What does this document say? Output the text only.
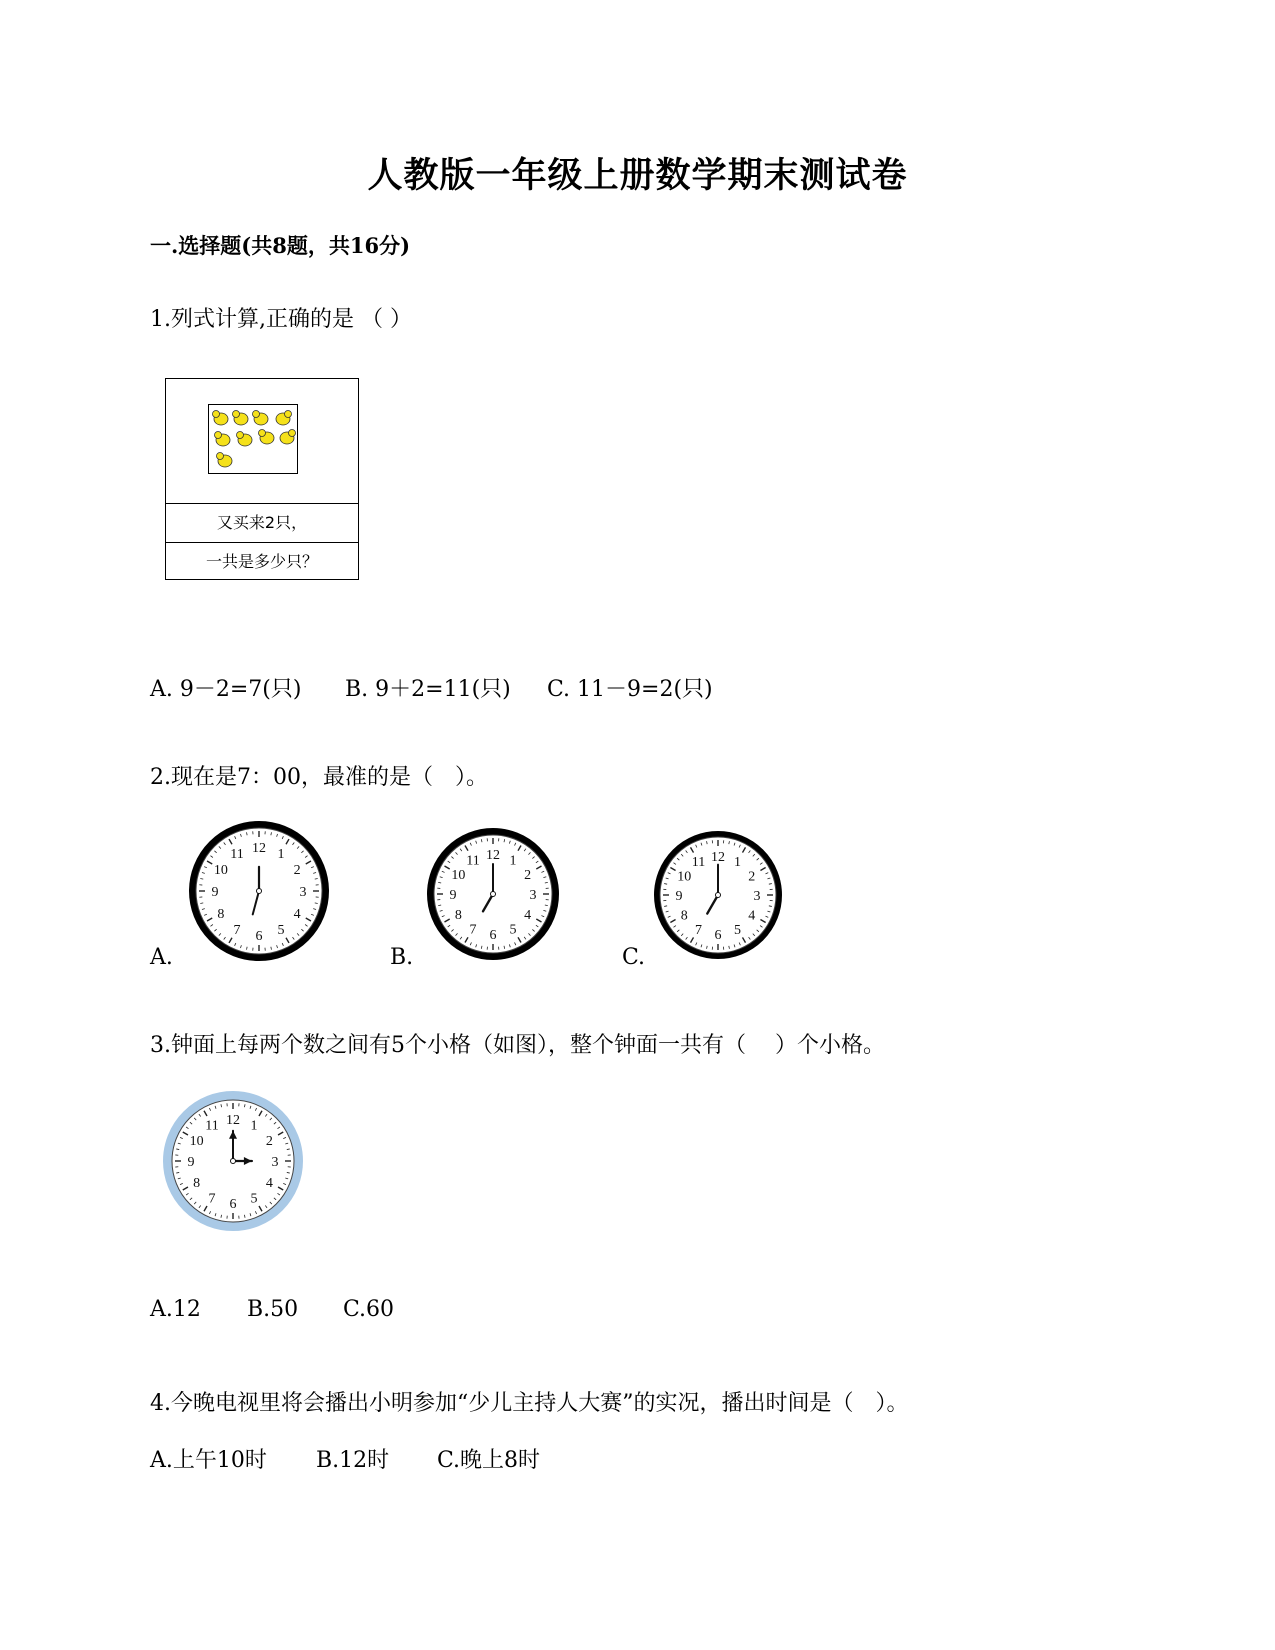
人教版一年级上册数学期末测试卷
一.选择题(共8题，共16分)
1.列式计算,正确的是 （ ）
又买来2只，
一共是多少只？
A. 9－2=7(只) B. 9＋2=11(只) C. 11－9=2(只)
2.现在是7：00，最准的是（　）。
A.
12 1
2
3
4
5
6
7
8
9
10
11
B.
12 1
2
3
4
5
6
7
8
9
10
11
C.
12 1
2
3
4
5
6
7
8
9
10
11
3.钟面上每两个数之间有5个小格（如图），整个钟面一共有（　 ）个小格。
12 1
2
3
4
5
6
7
8
9
10
11
A.12 B.50 C.60
4.今晚电视里将会播出小明参加“少儿主持人大赛”的实况，播出时间是（　）。
A.上午10时 B.12时 C.晚上8时
